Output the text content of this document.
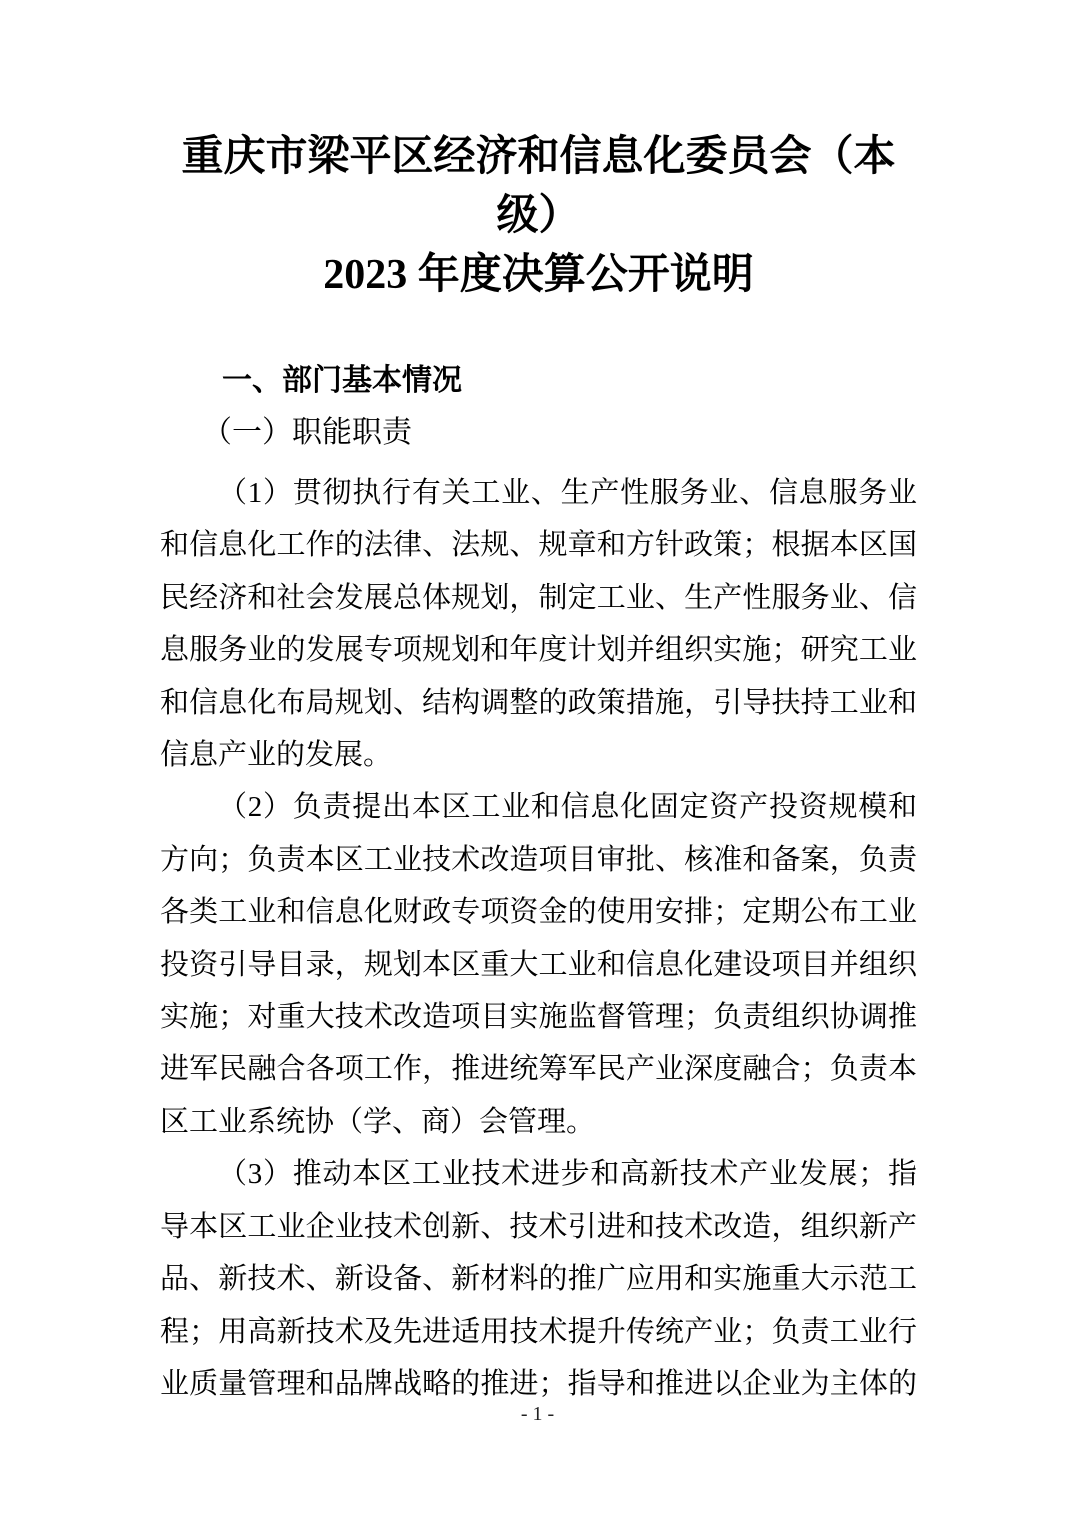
重庆市梁平区经济和信息化委员会（本级）
2023 年度决算公开说明
一、部门基本情况
（一）职能职责
（1）贯彻执行有关工业、生产性服务业、信息服务业
和信息化工作的法律、法规、规章和方针政策；根据本区国
民经济和社会发展总体规划，制定工业、生产性服务业、信
息服务业的发展专项规划和年度计划并组织实施；研究工业
和信息化布局规划、结构调整的政策措施，引导扶持工业和
信息产业的发展。
（2）负责提出本区工业和信息化固定资产投资规模和
方向；负责本区工业技术改造项目审批、核准和备案，负责
各类工业和信息化财政专项资金的使用安排；定期公布工业
投资引导目录，规划本区重大工业和信息化建设项目并组织
实施；对重大技术改造项目实施监督管理；负责组织协调推
进军民融合各项工作，推进统筹军民产业深度融合；负责本
区工业系统协（学、商）会管理。
（3）推动本区工业技术进步和高新技术产业发展；指
导本区工业企业技术创新、技术引进和技术改造，组织新产
品、新技术、新设备、新材料的推广应用和实施重大示范工
程；用高新技术及先进适用技术提升传统产业；负责工业行
业质量管理和品牌战略的推进；指导和推进以企业为主体的
- 1 -
